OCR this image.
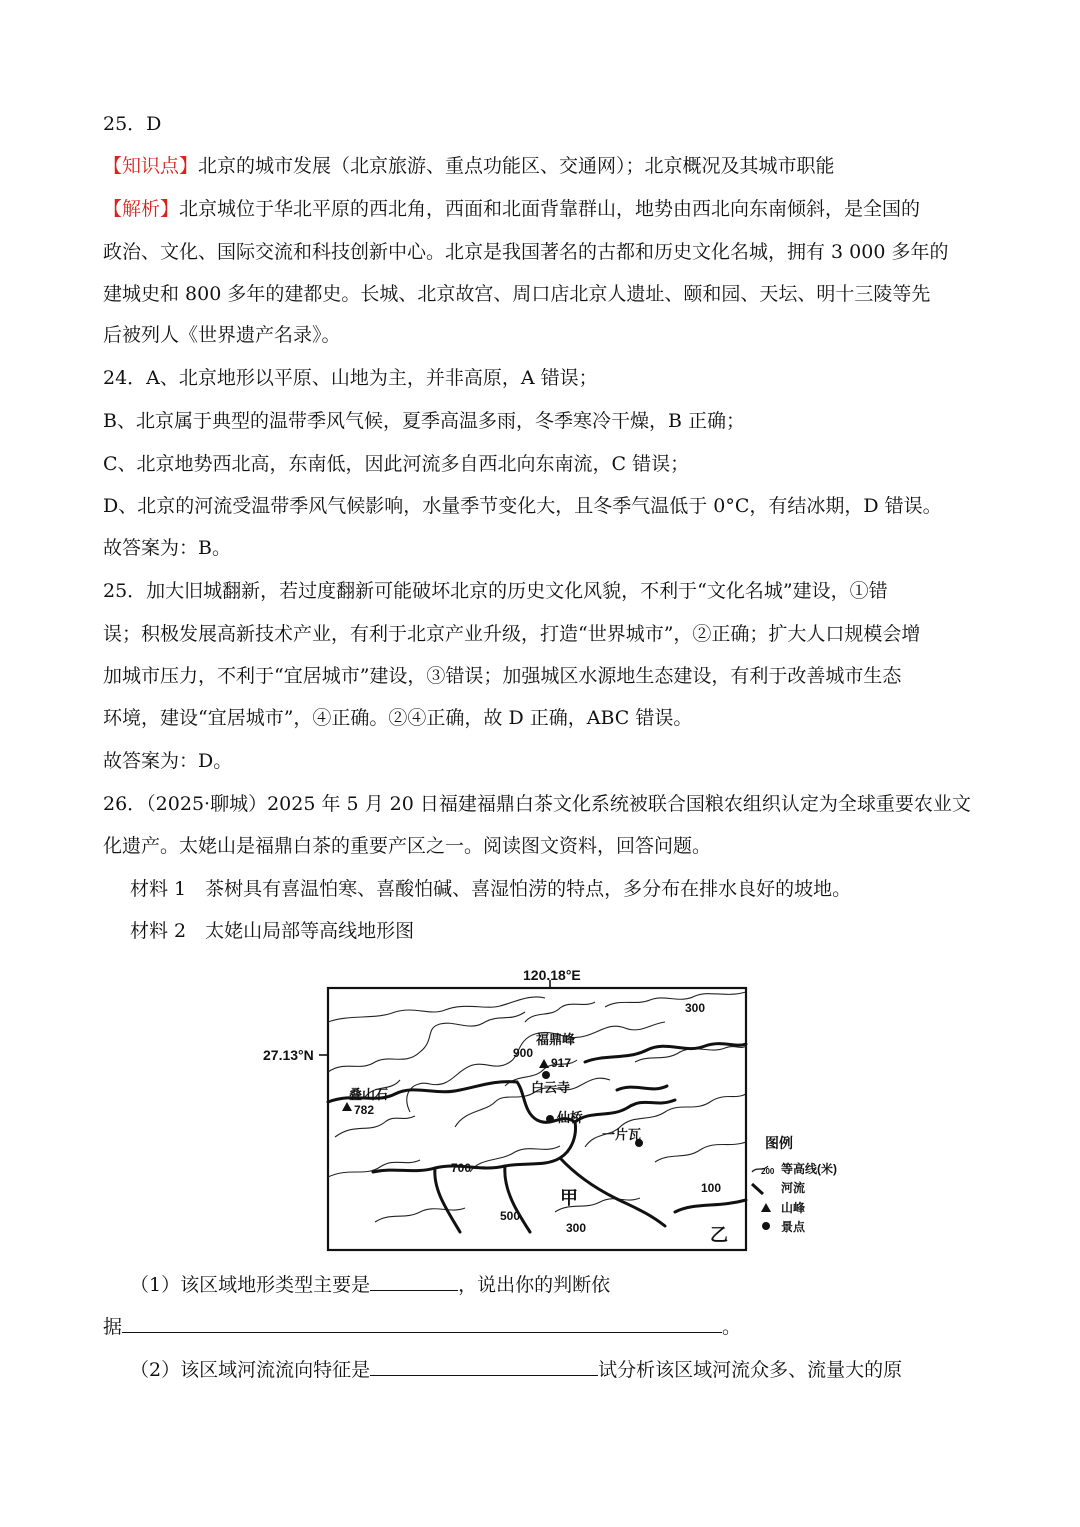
25．D
【知识点】北京的城市发展（北京旅游、重点功能区、交通网）；北京概况及其城市职能
【解析】北京城位于华北平原的西北角，西面和北面背靠群山，地势由西北向东南倾斜，是全国的
政治、文化、国际交流和科技创新中心。北京是我国著名的古都和历史文化名城，拥有 3 000 多年的
建城史和 800 多年的建都史。长城、北京故宫、周口店北京人遗址、颐和园、天坛、明十三陵等先
后被列人《世界遗产名录》。
24．A、北京地形以平原、山地为主，并非高原，A 错误；
B、北京属于典型的温带季风气候，夏季高温多雨，冬季寒冷干燥，B 正确；
C、北京地势西北高，东南低，因此河流多自西北向东南流，C 错误；
D、北京的河流受温带季风气候影响，水量季节变化大，且冬季气温低于 0°C，有结冰期，D 错误。
故答案为：B。
25．加大旧城翻新，若过度翻新可能破坏北京的历史文化风貌，不利于“文化名城”建设，①错
误；积极发展高新技术产业，有利于北京产业升级，打造“世界城市”，②正确；扩大人口规模会增
加城市压力，不利于“宜居城市”建设，③错误；加强城区水源地生态建设，有利于改善城市生态
环境，建设“宜居城市”，④正确。②④正确，故 D 正确，ABC 错误。
故答案为：D。
26．（2025·聊城）2025 年 5 月 20 日福建福鼎白茶文化系统被联合国粮农组织认定为全球重要农业文
化遗产。太姥山是福鼎白茶的重要产区之一。阅读图文资料，回答问题。
材料 1　茶树具有喜温怕寒、喜酸怕碱、喜湿怕涝的特点，多分布在排水良好的坡地。
材料 2　太姥山局部等高线地形图
120.18°E
27.13°N
福鼎峰
917
叠山石
782
白云寺
仙桥
一片瓦
300
900
700
500
300
100
甲
乙
图例
200 等高线(米)
河流
山峰
景点
（1）该区域地形类型主要是	，说出你的判断依
据	。
（2）该区域河流流向特征是	试分析该区域河流众多、流量大的原
